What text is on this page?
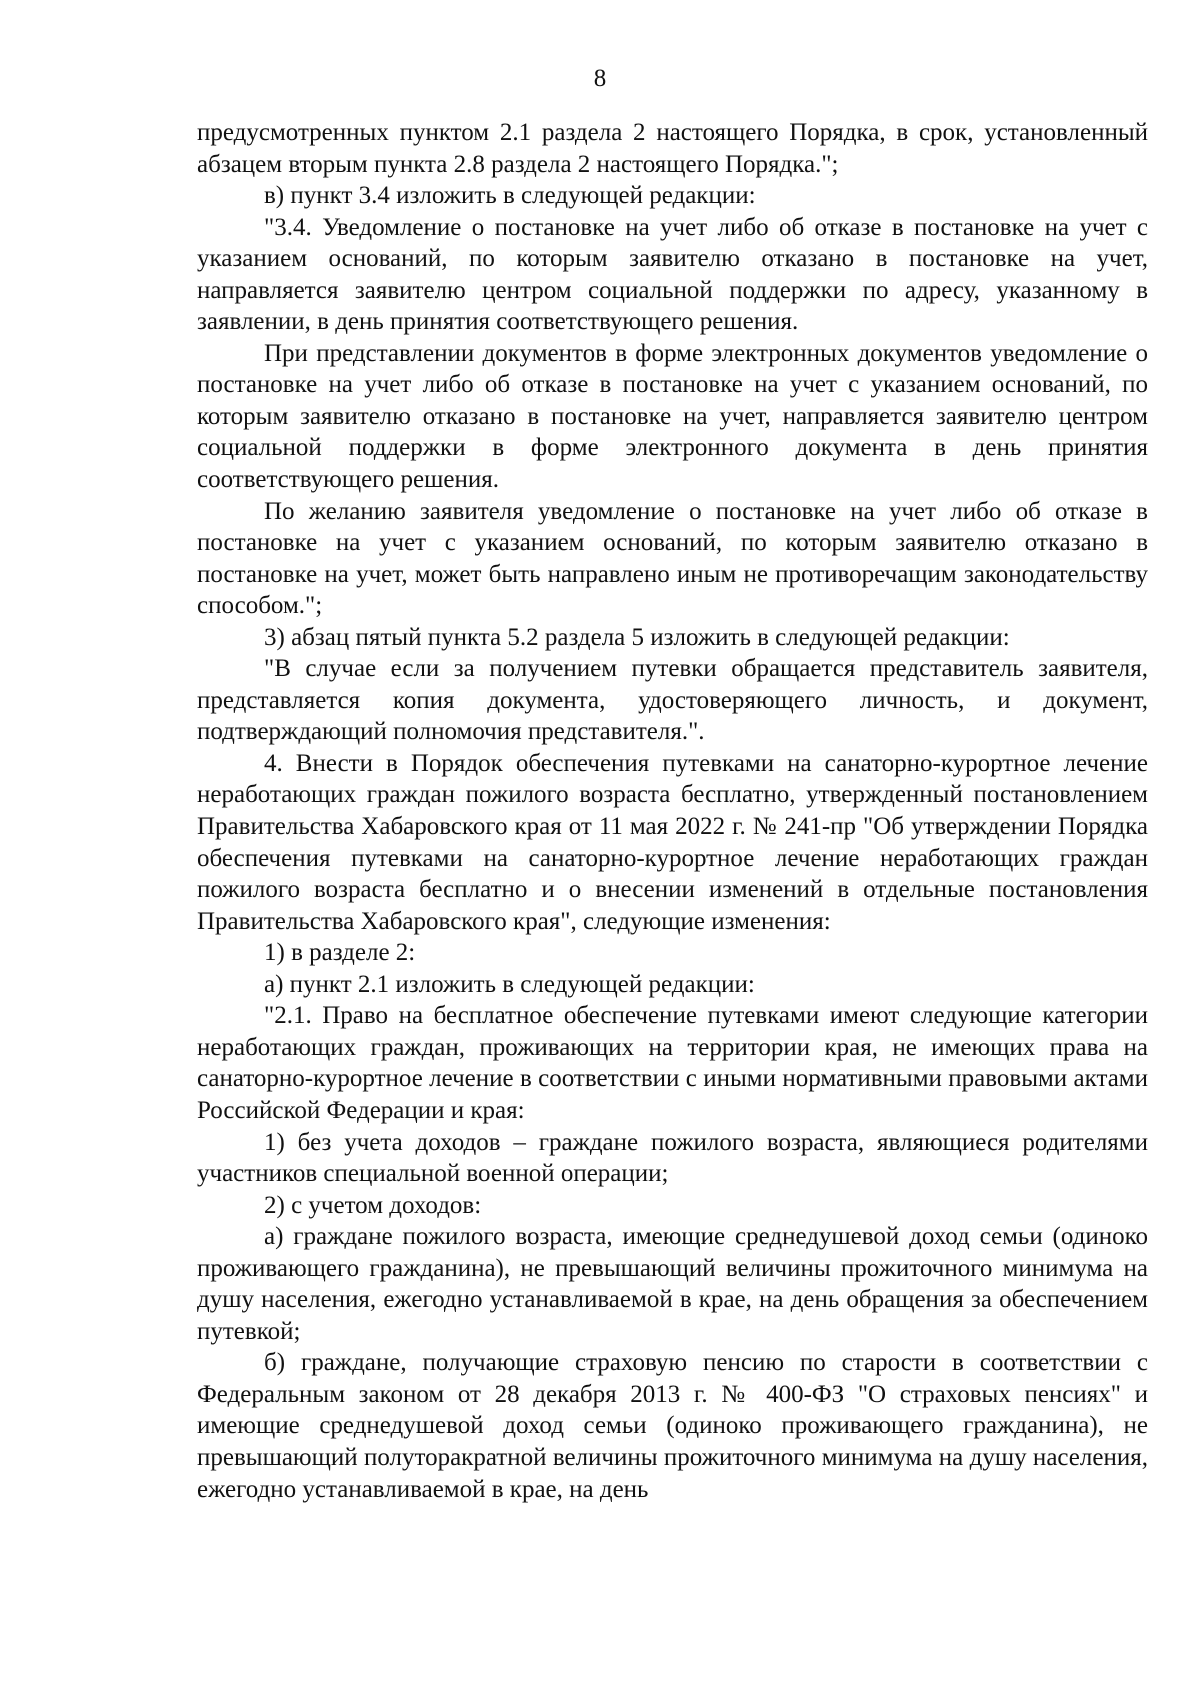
8

предусмотренных пунктом 2.1 раздела 2 настоящего Порядка, в срок, установленный абзацем вторым пункта 2.8 раздела 2 настоящего Порядка.";

в) пункт 3.4 изложить в следующей редакции:

"3.4. Уведомление о постановке на учет либо об отказе в постановке на учет с указанием оснований, по которым заявителю отказано в постановке на учет, направляется заявителю центром социальной поддержки по адресу, указанному в заявлении, в день принятия соответствующего решения.

При представлении документов в форме электронных документов уведомление о постановке на учет либо об отказе в постановке на учет с указанием оснований, по которым заявителю отказано в постановке на учет, направляется заявителю центром социальной поддержки в форме электронного документа в день принятия соответствующего решения.

По желанию заявителя уведомление о постановке на учет либо об отказе в постановке на учет с указанием оснований, по которым заявителю отказано в постановке на учет, может быть направлено иным не противоречащим законодательству способом.";

3) абзац пятый пункта 5.2 раздела 5 изложить в следующей редакции:

"В случае если за получением путевки обращается представитель заявителя, представляется копия документа, удостоверяющего личность, и документ, подтверждающий полномочия представителя.".

4. Внести в Порядок обеспечения путевками на санаторно-курортное лечение неработающих граждан пожилого возраста бесплатно, утвержденный постановлением Правительства Хабаровского края от 11 мая 2022 г. № 241-пр "Об утверждении Порядка обеспечения путевками на санаторно-курортное лечение неработающих граждан пожилого возраста бесплатно и о внесении изменений в отдельные постановления Правительства Хабаровского края", следующие изменения:

1) в разделе 2:

а) пункт 2.1 изложить в следующей редакции:

"2.1. Право на бесплатное обеспечение путевками имеют следующие категории неработающих граждан, проживающих на территории края, не имеющих права на санаторно-курортное лечение в соответствии с иными нормативными правовыми актами Российской Федерации и края:

1) без учета доходов – граждане пожилого возраста, являющиеся родителями участников специальной военной операции;

2) с учетом доходов:

а) граждане пожилого возраста, имеющие среднедушевой доход семьи (одиноко проживающего гражданина), не превышающий величины прожиточного минимума на душу населения, ежегодно устанавливаемой в крае, на день обращения за обеспечением путевкой;

б) граждане, получающие страховую пенсию по старости в соответствии с Федеральным законом от 28 декабря 2013 г. № 400-ФЗ "О страховых пенсиях" и имеющие среднедушевой доход семьи (одиноко проживающего гражданина), не превышающий полуторакратной величины прожиточного минимума на душу населения, ежегодно устанавливаемой в крае, на день
